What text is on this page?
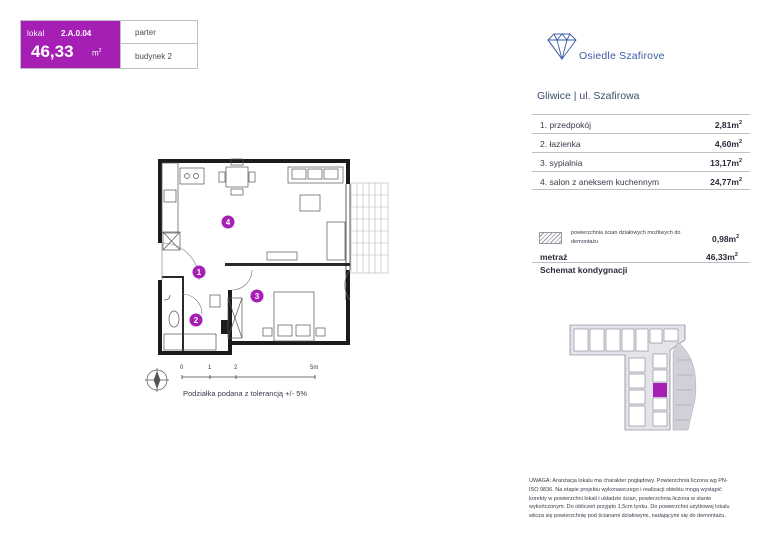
lokal 2.A.0.04
46,33 $m^2$
parter
budynek 2	Osiedle Szafirove
Gliwice | ul. Szafirowa
1. przedpokój	$2,81m^2$
2. łazienka	$4,60m^2$
3. sypialnia	$13,17m^2$
4. salon z aneksem kuchennym	$24,77m^2$
powierzchnia ścian działowych możliwych do demontażu	$0,98m^2$
metraż	$46,33m^2$
Schemat kondygnacji
4
1
2
3
0	1	2	5m
Podziałka podana z tolerancją +/- 5%
UWAGA: Aranżacja lokalu ma charakter poglądowy. Powierzchnia liczona wg PN-ISO 9836. Na etapie projektu wykonawczego i realizacji obiektu mogą wystąpić korekty w powierzchni lokali i układzie ścian, powierzchnia liczona w stanie wykończonym. Do obliczeń przyjęto 1,5cm tynku. Do powierzchni użytkowej lokalu wlicza się powierzchnię pod ścianami działowymi, nadającymi się do demontażu.
